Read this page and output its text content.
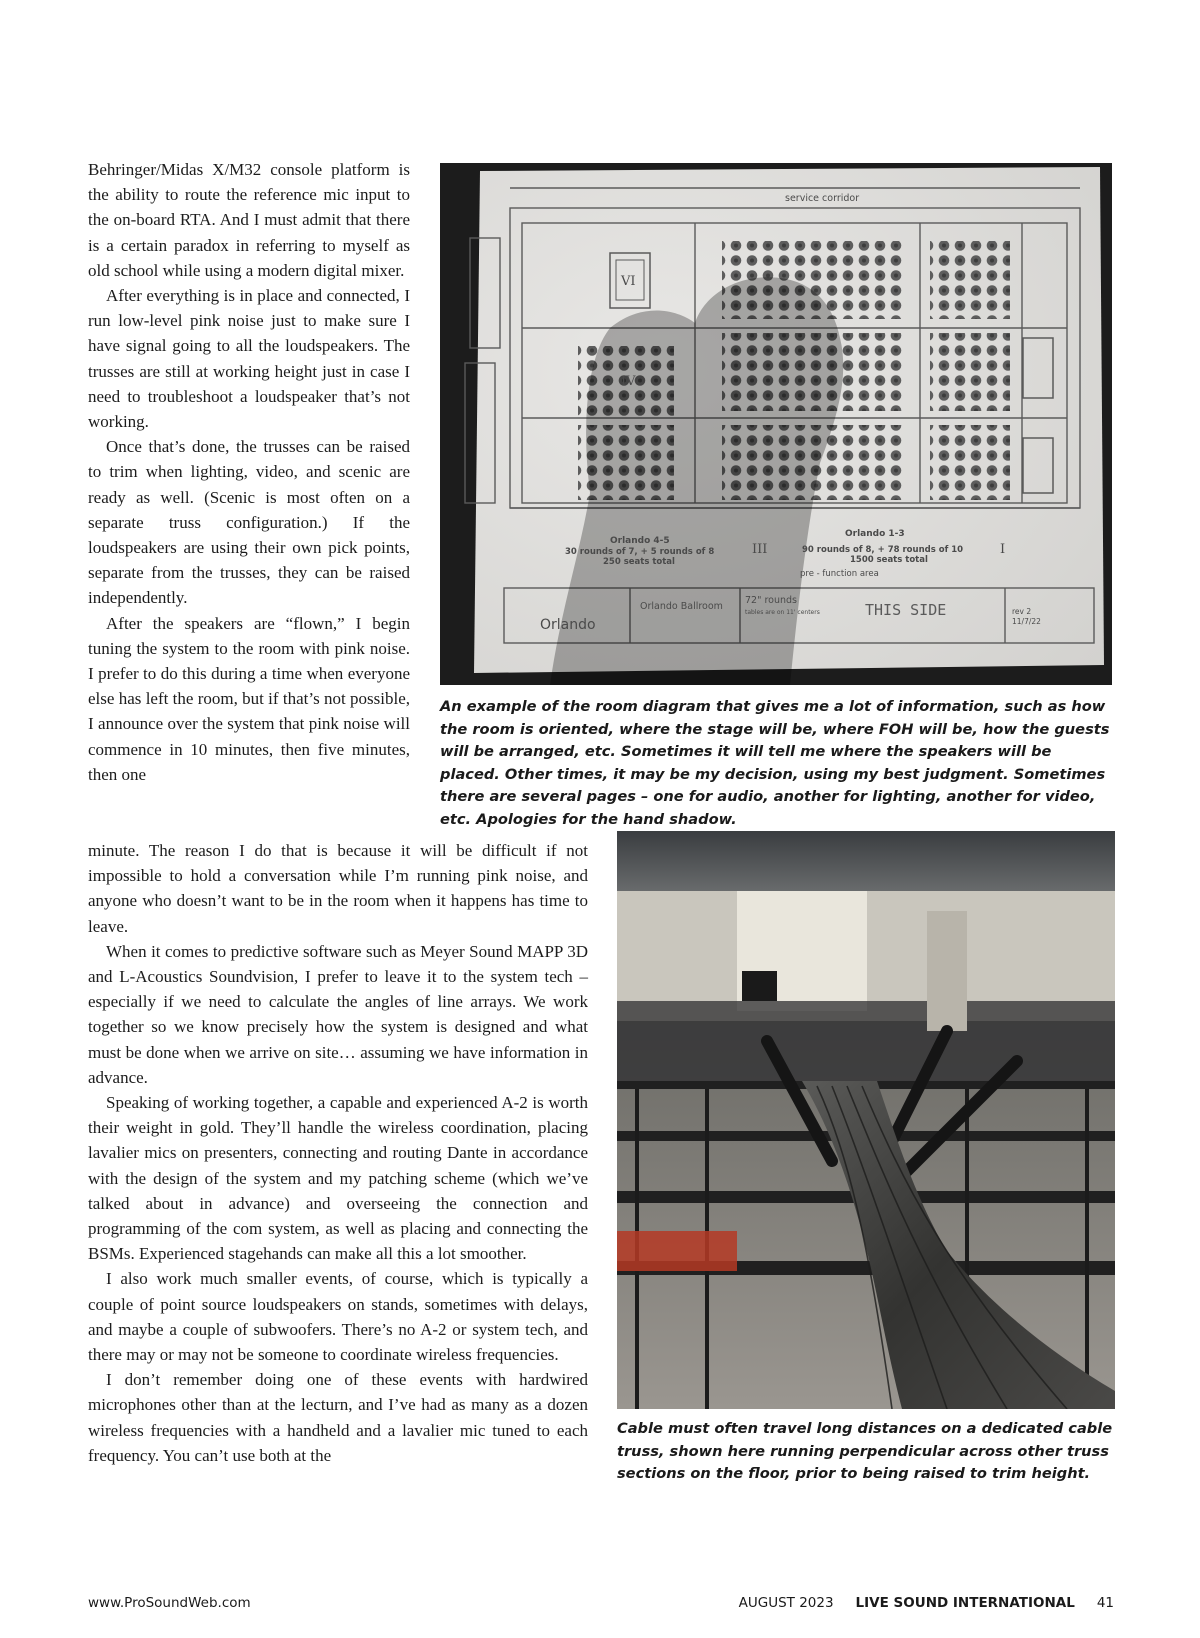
Behringer/Midas X/M32 console platform is the ability to route the reference mic input to the on-board RTA. And I must admit that there is a certain paradox in referring to myself as old school while using a modern digital mixer.

After everything is in place and connected, I run low-level pink noise just to make sure I have signal going to all the loudspeakers. The trusses are still at working height just in case I need to troubleshoot a loudspeaker that’s not working.

Once that’s done, the trusses can be raised to trim when lighting, video, and scenic are ready as well. (Scenic is most often on a separate truss configuration.) If the loudspeakers are using their own pick points, separate from the trusses, they can be raised independently.

After the speakers are “flown,” I begin tuning the system to the room with pink noise. I prefer to do this during a time when everyone else has left the room, but if that’s not possible, I announce over the system that pink noise will commence in 10 minutes, then five minutes, then one

minute. The reason I do that is because it will be difficult if not impossible to hold a conversation while I’m running pink noise, and anyone who doesn’t want to be in the room when it happens has time to leave.

When it comes to predictive software such as Meyer Sound MAPP 3D and L-Acoustics Soundvision, I prefer to leave it to the system tech – especially if we need to calculate the angles of line arrays. We work together so we know precisely how the system is designed and what must be done when we arrive on site… assuming we have information in advance.

Speaking of working together, a capable and experienced A-2 is worth their weight in gold. They’ll handle the wireless coordination, placing lavalier mics on presenters, connecting and routing Dante in accordance with the design of the system and my patching scheme (which we’ve talked about in advance) and overseeing the connection and programming of the com system, as well as placing and connecting the BSMs. Experienced stagehands can make all this a lot smoother.

I also work much smaller events, of course, which is typically a couple of point source loudspeakers on stands, sometimes with delays, and maybe a couple of subwoofers. There’s no A-2 or system tech, and there may or may not be someone to coordinate wireless frequencies.

I don’t remember doing one of these events with hardwired microphones other than at the lecturn, and I’ve had as many as a dozen wireless frequencies with a handheld and a lavalier mic tuned to each frequency. You can’t use both at the

service corridor
VI
IV
III	I
Orlando 4-5
30 rounds of 7, + 5 rounds of 8
250 seats total
Orlando 1-3
90 rounds of 8, + 78 rounds of 10
1500 seats total
pre - function area
Orlando
Orlando Ballroom
72" rounds
tables are on 11' centers	THIS SIDE	rev 2
11/7/22
An example of the room diagram that gives me a lot of information, such as how the room is oriented, where the stage will be, where FOH will be, how the guests will be arranged, etc. Sometimes it will tell me where the speakers will be placed. Other times, it may be my decision, using my best judgment. Sometimes there are several pages – one for audio, another for lighting, another for video, etc. Apologies for the hand shadow.
Cable must often travel long distances on a dedicated cable truss, shown here running perpendicular across other truss sections on the floor, prior to being raised to trim height.
www.ProSoundWeb.com	AUGUST 2023 LIVE SOUND INTERNATIONAL 41
